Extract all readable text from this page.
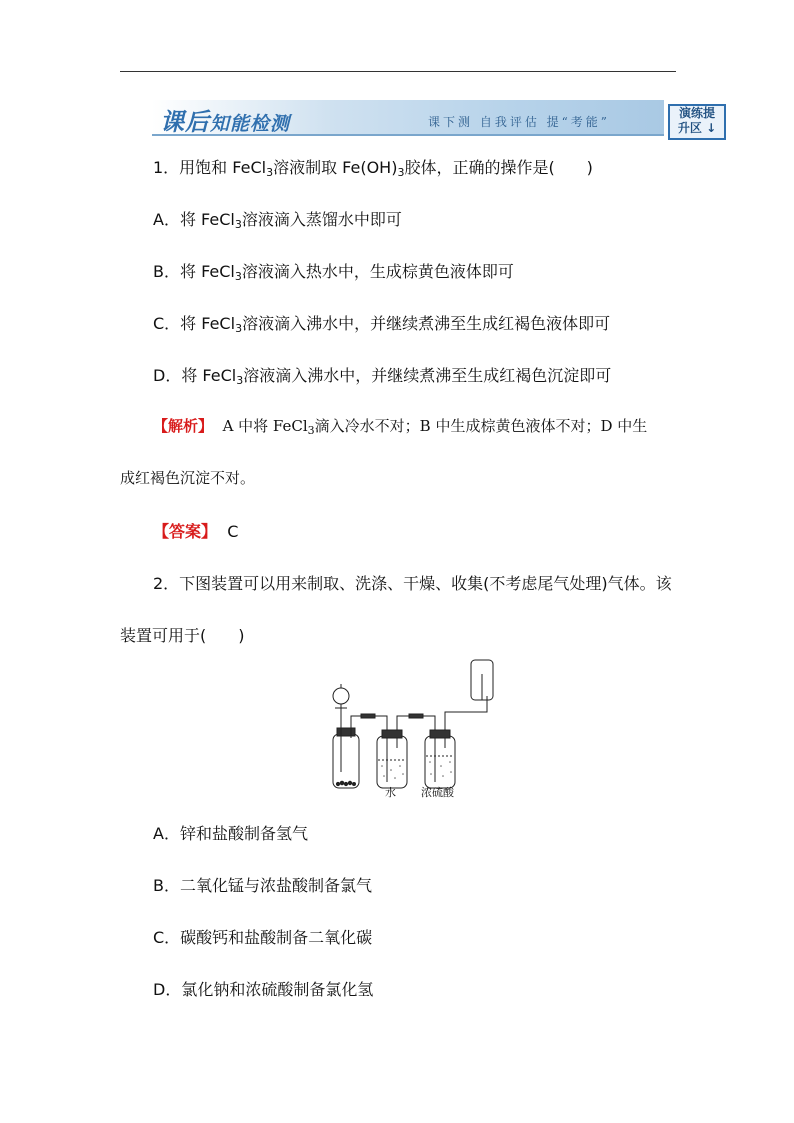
课后知能检测	课下测 自我评估 提“考能”
演练提
升区 ↓
1．用饱和 FeCl$_3$溶液制取 $Fe(OH)_3$胶体，正确的操作是(　　)
A．将 FeCl$_3$溶液滴入蒸馏水中即可
B．将 FeCl$_3$溶液滴入热水中，生成棕黄色液体即可
C．将 FeCl$_3$溶液滴入沸水中，并继续煮沸至生成红褐色液体即可
D．将 FeCl$_3$溶液滴入沸水中，并继续煮沸至生成红褐色沉淀即可
【解析】 A 中将 FeCl$_3$滴入冷水不对；B 中生成棕黄色液体不对；D 中生
成红褐色沉淀不对。
【答案】 C
2．下图装置可以用来制取、洗涤、干燥、收集(不考虑尾气处理)气体。该
装置可用于(　　)
水 浓硫酸
A．锌和盐酸制备氢气
B．二氧化锰与浓盐酸制备氯气
C．碳酸钙和盐酸制备二氧化碳
D．氯化钠和浓硫酸制备氯化氢
